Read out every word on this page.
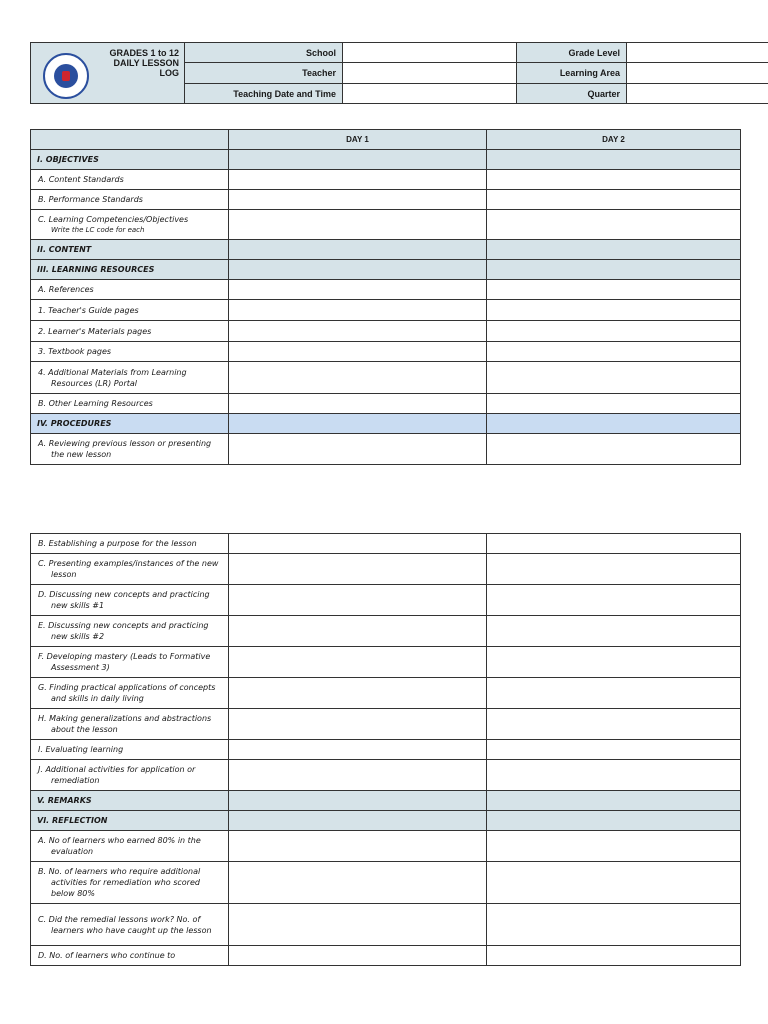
GRADES 1 to 12
DAILY LESSON LOG	School		Grade Level	
	Teacher		Learning Area	
	Teaching Date and Time		Quarter	
	DAY 1	DAY 2
I. OBJECTIVES		
A. Content Standards		
B. Performance Standards		
C. Learning Competencies/Objectives
Write the LC code for each		

II. CONTENT		
III. LEARNING RESOURCES		
A. References		
1. Teacher's Guide pages		
2. Learner's Materials pages		
3. Textbook pages		
4. Additional Materials from Learning Resources (LR) Portal		
B. Other Learning Resources		
IV. PROCEDURES		
A. Reviewing previous lesson or presenting the new lesson		
B. Establishing a purpose for the lesson		
C. Presenting examples/instances of the new lesson		
D. Discussing new concepts and practicing new skills #1		
E. Discussing new concepts and practicing new skills #2		
F. Developing mastery (Leads to Formative Assessment 3)		
G. Finding practical applications of concepts and skills in daily living		
H. Making generalizations and abstractions about the lesson		
I. Evaluating learning		
J. Additional activities for application or remediation		
V. REMARKS		
VI. REFLECTION		
A. No of learners who earned 80% in the evaluation		
B. No. of learners who require additional activities for remediation who scored below 80%		
C. Did the remedial lessons work? No. of learners who have caught up the lesson		
D. No. of learners who continue to		
